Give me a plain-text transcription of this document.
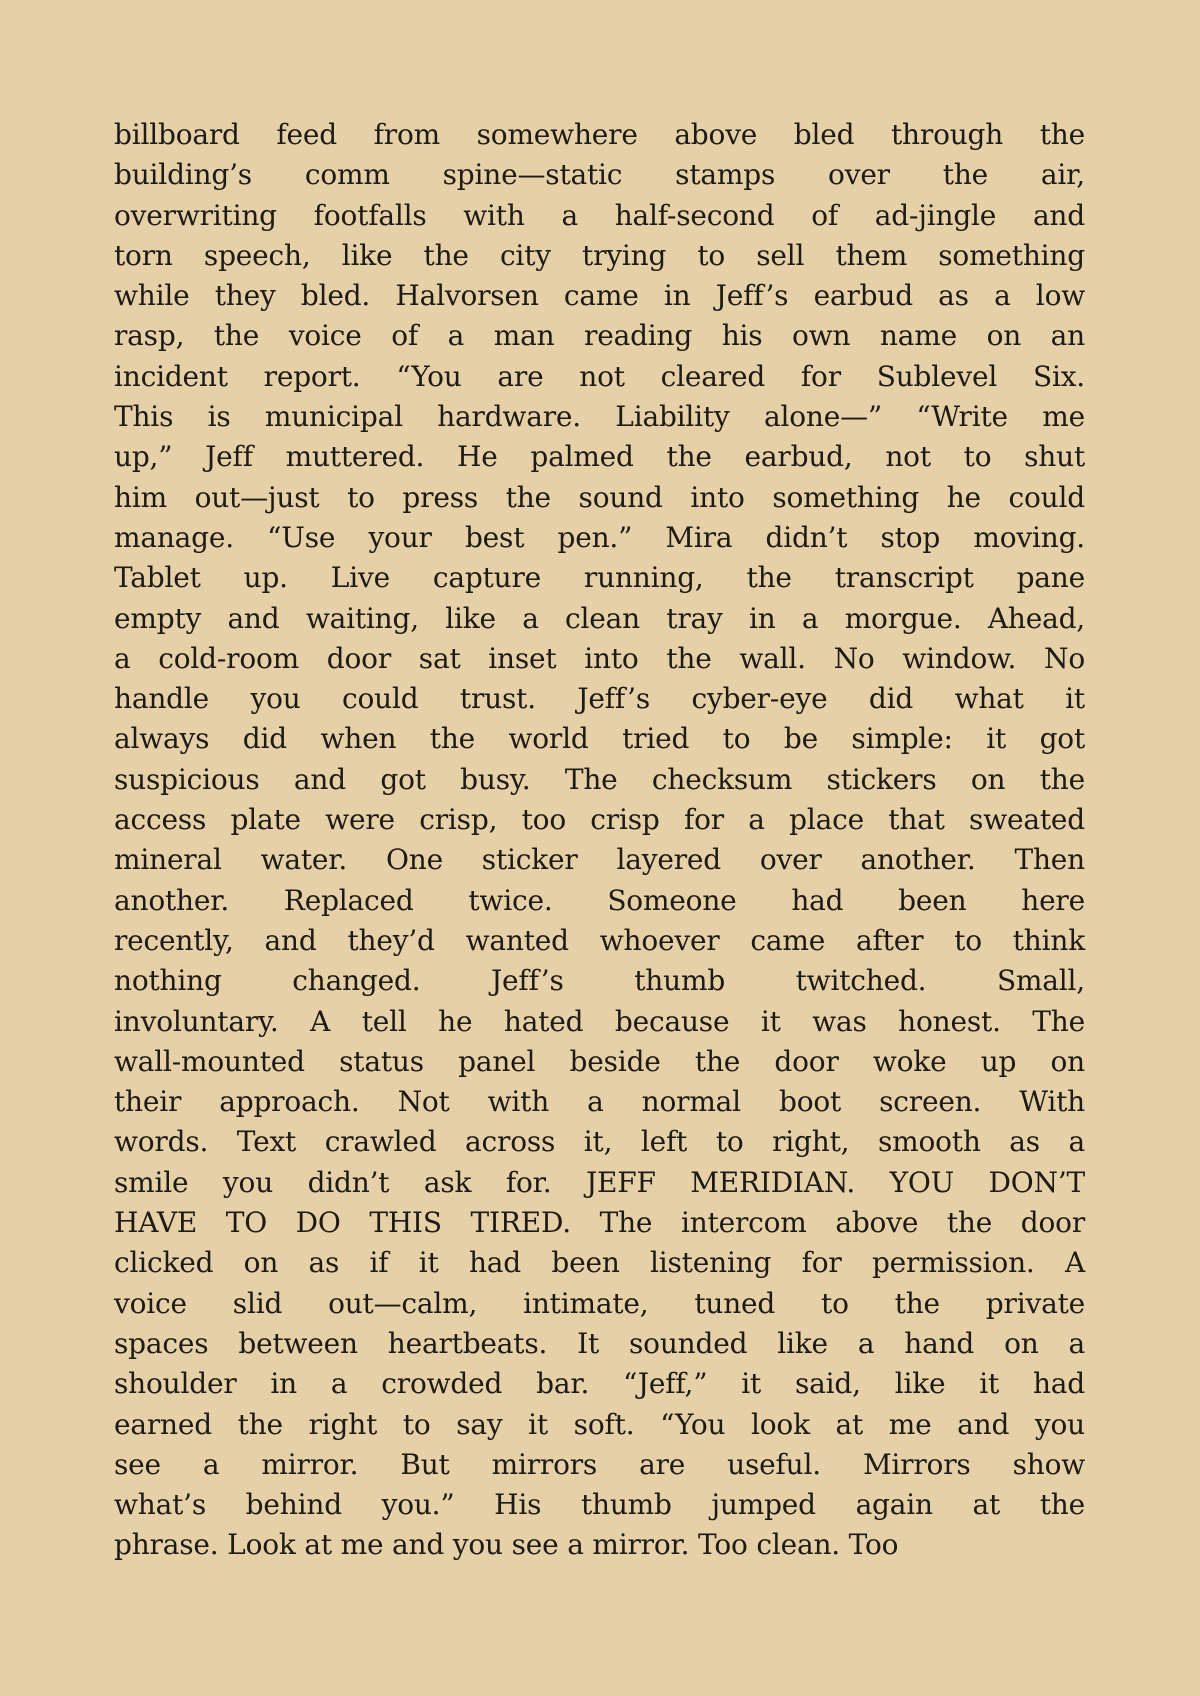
billboard feed from somewhere above bled through the
building’s comm spine—static stamps over the air,
overwriting footfalls with a half-second of ad-jingle and
torn speech, like the city trying to sell them something
while they bled. Halvorsen came in Jeff’s earbud as a low
rasp, the voice of a man reading his own name on an
incident report. “You are not cleared for Sublevel Six.
This is municipal hardware. Liability alone—” “Write me
up,” Jeff muttered. He palmed the earbud, not to shut
him out—just to press the sound into something he could
manage. “Use your best pen.” Mira didn’t stop moving.
Tablet up. Live capture running, the transcript pane
empty and waiting, like a clean tray in a morgue. Ahead,
a cold-room door sat inset into the wall. No window. No
handle you could trust. Jeff’s cyber-eye did what it
always did when the world tried to be simple: it got
suspicious and got busy. The checksum stickers on the
access plate were crisp, too crisp for a place that sweated
mineral water. One sticker layered over another. Then
another. Replaced twice. Someone had been here
recently, and they’d wanted whoever came after to think
nothing changed. Jeff’s thumb twitched. Small,
involuntary. A tell he hated because it was honest. The
wall-mounted status panel beside the door woke up on
their approach. Not with a normal boot screen. With
words. Text crawled across it, left to right, smooth as a
smile you didn’t ask for. JEFF MERIDIAN. YOU DON’T
HAVE TO DO THIS TIRED. The intercom above the door
clicked on as if it had been listening for permission. A
voice slid out—calm, intimate, tuned to the private
spaces between heartbeats. It sounded like a hand on a
shoulder in a crowded bar. “Jeff,” it said, like it had
earned the right to say it soft. “You look at me and you
see a mirror. But mirrors are useful. Mirrors show
what’s behind you.” His thumb jumped again at the
phrase. Look at me and you see a mirror. Too clean. Too
